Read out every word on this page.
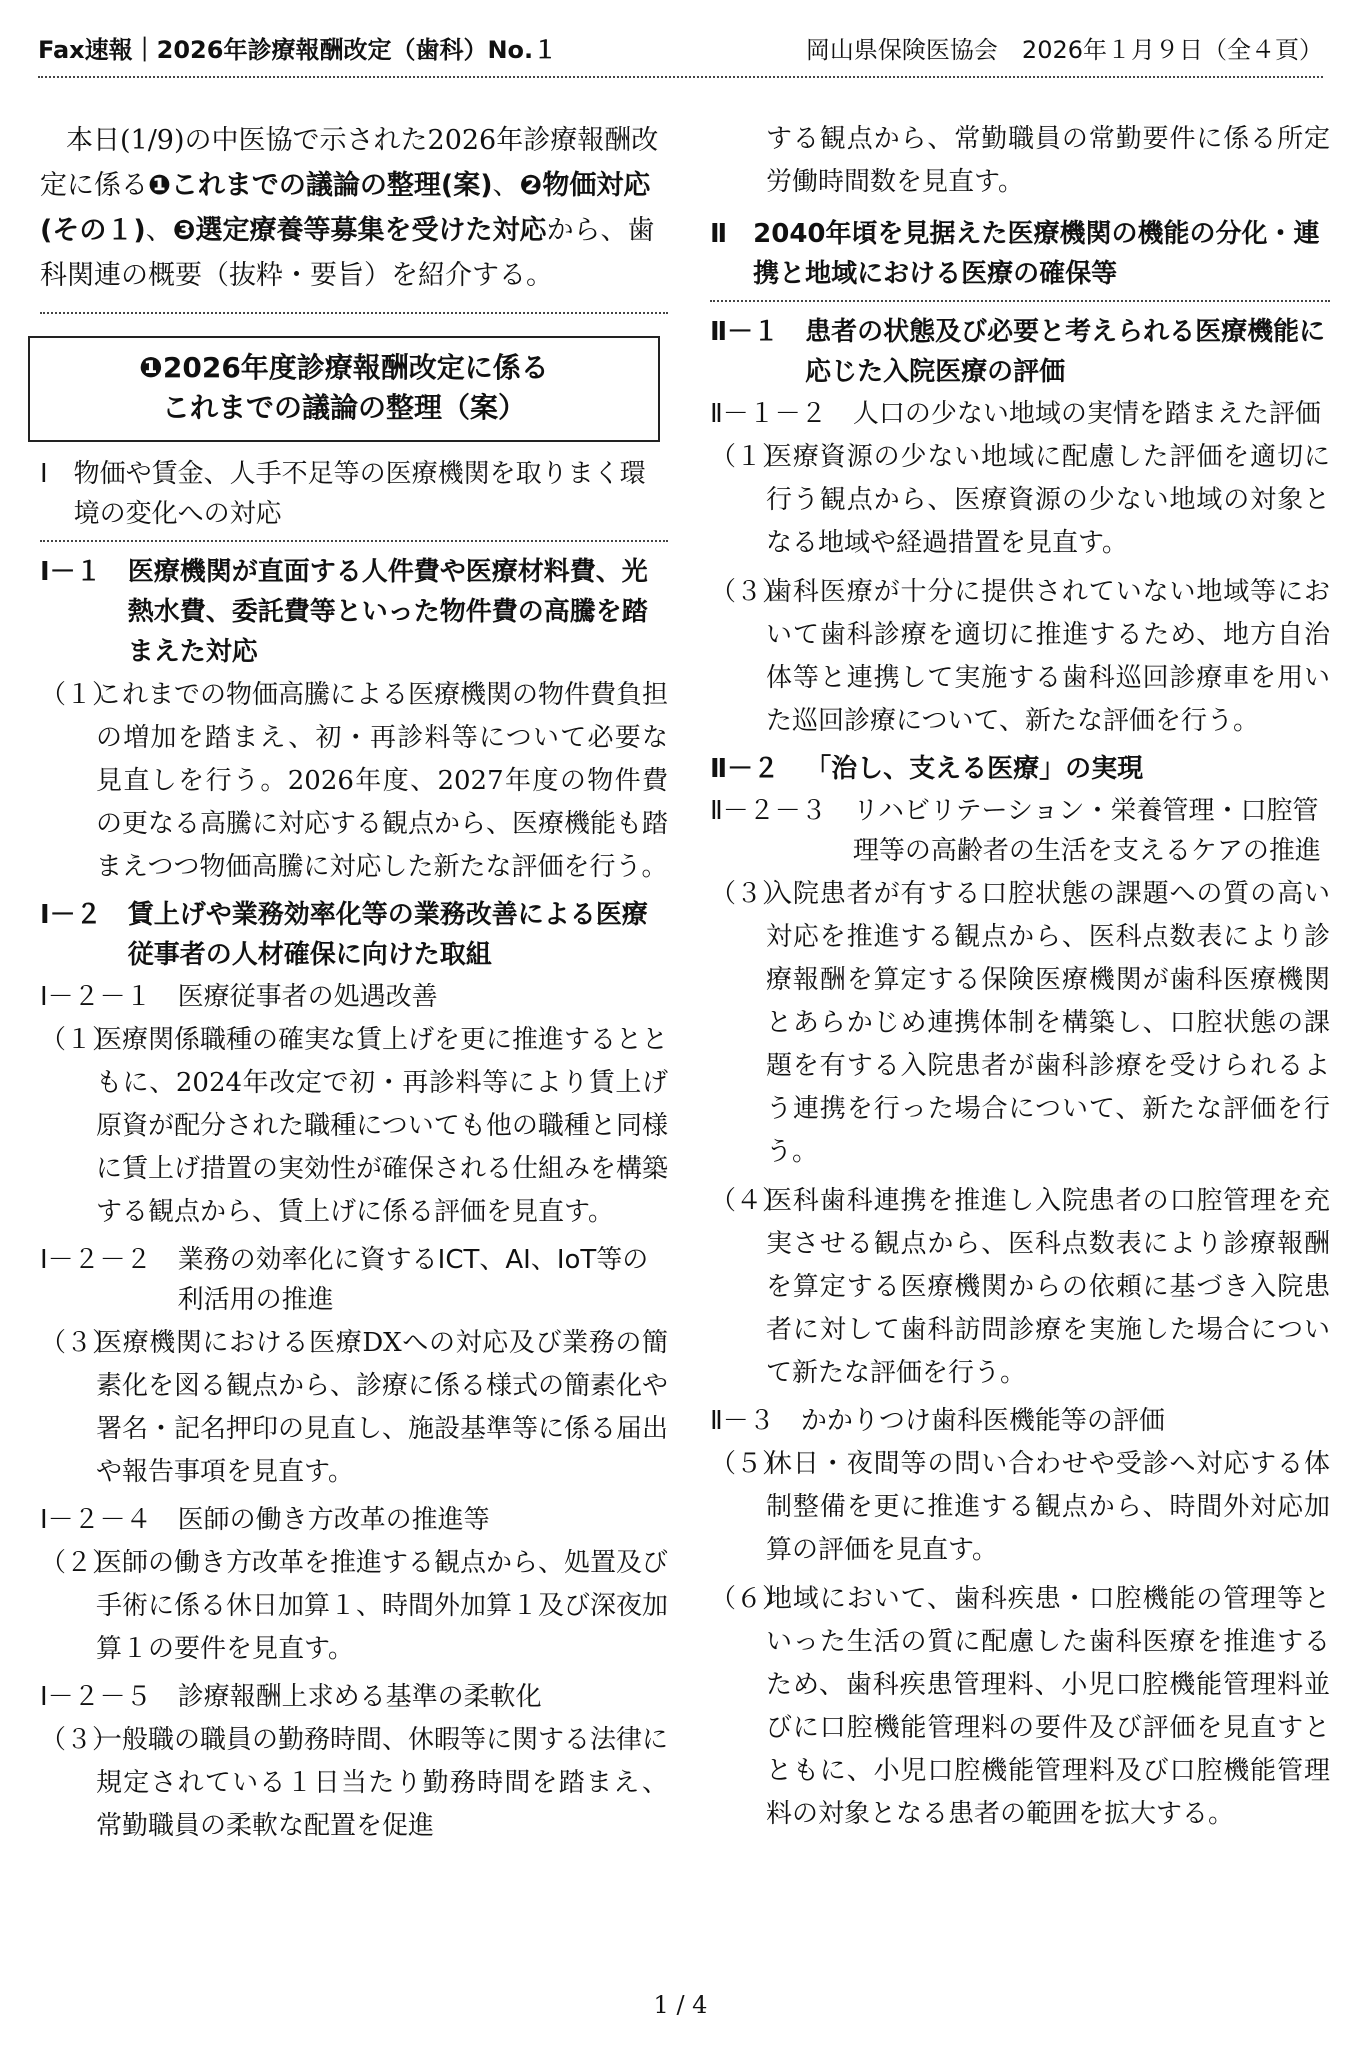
Fax速報｜2026年診療報酬改定（歯科）No.１	岡山県保険医協会　2026年１月９日（全４頁）

本日(1/9)の中医協で示された2026年診療報酬改定に係る❶これまでの議論の整理(案)、❷物価対応(その１)、❸選定療養等募集を受けた対応から、歯科関連の概要（抜粋・要旨）を紹介する。

❶2026年度診療報酬改定に係る
これまでの議論の整理（案）
Ⅰ　 物価や賃金、人手不足等の医療機関を取りまく環境の変化への対応
Ⅰ－１　 医療機関が直面する人件費や医療材料費、光熱水費、委託費等といった物件費の高騰を踏まえた対応
（１）
これまでの物価高騰による医療機関の物件費負担の増加を踏まえ、初・再診料等について必要な見直しを行う。2026年度、2027年度の物件費の更なる高騰に対応する観点から、医療機能も踏まえつつ物価高騰に対応した新たな評価を行う。
Ⅰ－２　 賃上げや業務効率化等の業務改善による医療従事者の人材確保に向けた取組
Ⅰ－２－１　 医療従事者の処遇改善
（１）
医療関係職種の確実な賃上げを更に推進するとともに、2024年改定で初・再診料等により賃上げ原資が配分された職種についても他の職種と同様に賃上げ措置の実効性が確保される仕組みを構築する観点から、賃上げに係る評価を見直す。
Ⅰ－２－２　 業務の効率化に資するICT、AI、IoT等の利活用の推進
（３）
医療機関における医療DXへの対応及び業務の簡素化を図る観点から、診療に係る様式の簡素化や署名・記名押印の見直し、施設基準等に係る届出や報告事項を見直す。
Ⅰ－２－４　 医師の働き方改革の推進等
（２）
医師の働き方改革を推進する観点から、処置及び手術に係る休日加算１、時間外加算１及び深夜加算１の要件を見直す。
Ⅰ－２－５　 診療報酬上求める基準の柔軟化
（３）
一般職の職員の勤務時間、休暇等に関する法律に規定されている１日当たり勤務時間を踏まえ、常勤職員の柔軟な配置を促進

する観点から、常勤職員の常勤要件に係る所定労働時間数を見直す。

Ⅱ　 2040年頃を見据えた医療機関の機能の分化・連携と地域における医療の確保等
Ⅱ－１　 患者の状態及び必要と考えられる医療機能に応じた入院医療の評価
Ⅱ－１－２　 人口の少ない地域の実情を踏まえた評価
（１）
医療資源の少ない地域に配慮した評価を適切に行う観点から、医療資源の少ない地域の対象となる地域や経過措置を見直す。
（３）
歯科医療が十分に提供されていない地域等において歯科診療を適切に推進するため、地方自治体等と連携して実施する歯科巡回診療車を用いた巡回診療について、新たな評価を行う。
Ⅱ－２　 「治し、支える医療」の実現
Ⅱ－２－３　 リハビリテーション・栄養管理・口腔管理等の高齢者の生活を支えるケアの推進
（３）
入院患者が有する口腔状態の課題への質の高い対応を推進する観点から、医科点数表により診療報酬を算定する保険医療機関が歯科医療機関とあらかじめ連携体制を構築し、口腔状態の課題を有する入院患者が歯科診療を受けられるよう連携を行った場合について、新たな評価を行う。
（４）
医科歯科連携を推進し入院患者の口腔管理を充実させる観点から、医科点数表により診療報酬を算定する医療機関からの依頼に基づき入院患者に対して歯科訪問診療を実施した場合について新たな評価を行う。
Ⅱ－３　 かかりつけ歯科医機能等の評価
（５）
休日・夜間等の問い合わせや受診へ対応する体制整備を更に推進する観点から、時間外対応加算の評価を見直す。
（６）
地域において、歯科疾患・口腔機能の管理等といった生活の質に配慮した歯科医療を推進するため、歯科疾患管理料、小児口腔機能管理料並びに口腔機能管理料の要件及び評価を見直すとともに、小児口腔機能管理料及び口腔機能管理料の対象となる患者の範囲を拡大する。
1 / 4
